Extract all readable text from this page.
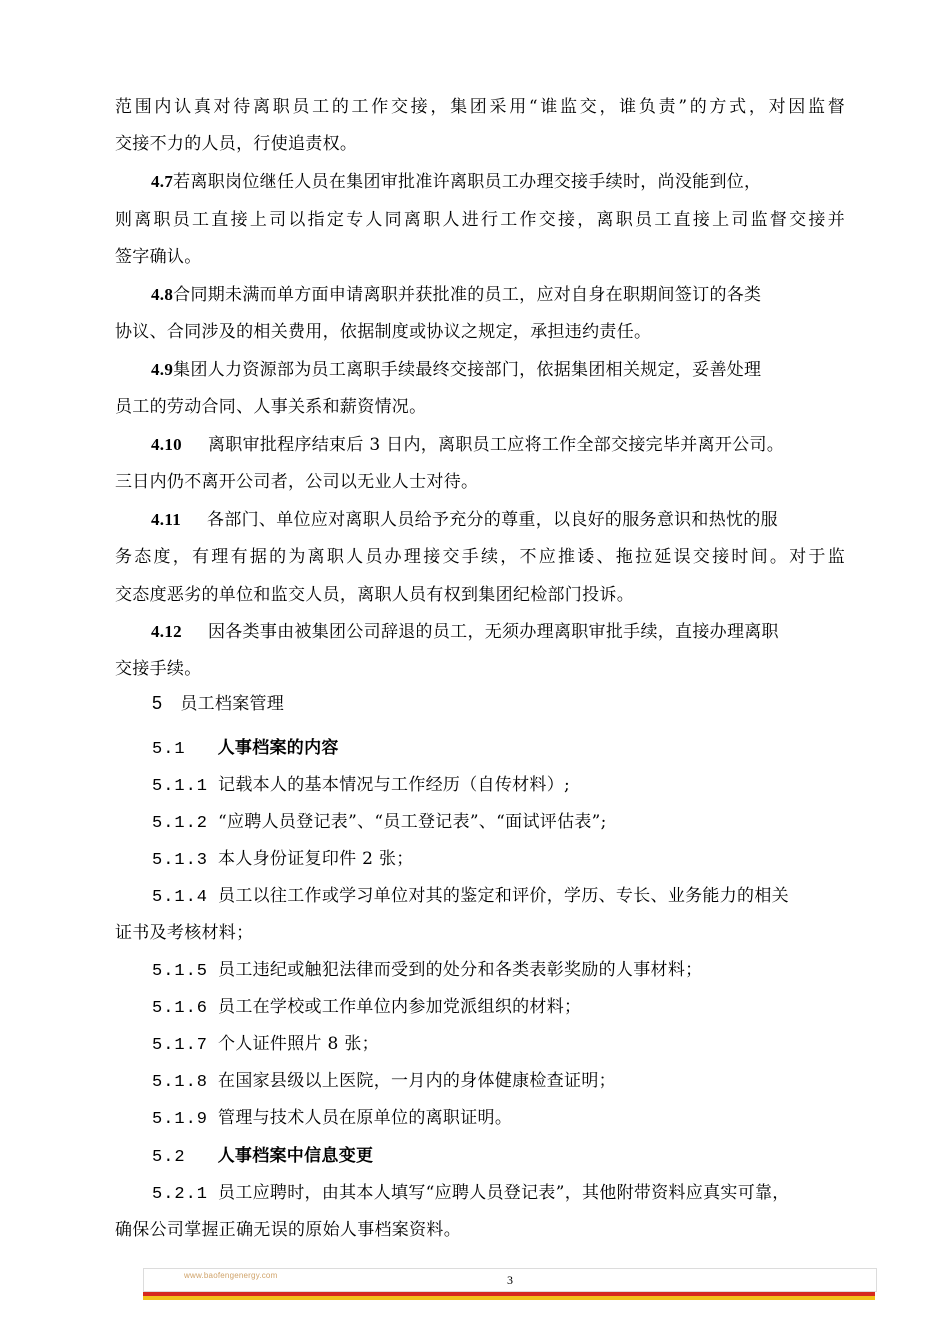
范围内认真对待离职员工的工作交接，集团采用“谁监交，谁负责”的方式，对因监督
交接不力的人员，行使追责权。
4.7若离职岗位继任人员在集团审批准许离职员工办理交接手续时，尚没能到位，
则离职员工直接上司以指定专人同离职人进行工作交接，离职员工直接上司监督交接并
签字确认。
4.8合同期未满而单方面申请离职并获批准的员工，应对自身在职期间签订的各类
协议、合同涉及的相关费用，依据制度或协议之规定，承担违约责任。
4.9集团人力资源部为员工离职手续最终交接部门，依据集团相关规定，妥善处理
员工的劳动合同、人事关系和薪资情况。
4.10 离职审批程序结束后 3 日内，离职员工应将工作全部交接完毕并离开公司。
三日内仍不离开公司者，公司以无业人士对待。
4.11 各部门、单位应对离职人员给予充分的尊重，以良好的服务意识和热忱的服
务态度，有理有据的为离职人员办理接交手续，不应推诿、拖拉延误交接时间。对于监
交态度恶劣的单位和监交人员，离职人员有权到集团纪检部门投诉。
4.12 因各类事由被集团公司辞退的员工，无须办理离职审批手续，直接办理离职
交接手续。
5 员工档案管理
5.1 人事档案的内容
5.1.1 记载本人的基本情况与工作经历（自传材料）;
5.1.2 “应聘人员登记表”、“员工登记表”、“面试评估表”;
5.1.3 本人身份证复印件 2 张；
5.1.4 员工以往工作或学习单位对其的鉴定和评价，学历、专长、业务能力的相关
证书及考核材料；
5.1.5 员工违纪或触犯法律而受到的处分和各类表彰奖励的人事材料；
5.1.6 员工在学校或工作单位内参加党派组织的材料；
5.1.7 个人证件照片 8 张；
5.1.8 在国家县级以上医院，一月内的身体健康检查证明；
5.1.9 管理与技术人员在原单位的离职证明。
5.2 人事档案中信息变更
5.2.1 员工应聘时，由其本人填写“应聘人员登记表”，其他附带资料应真实可靠，
确保公司掌握正确无误的原始人事档案资料。
www.baofengenergy.com	3
